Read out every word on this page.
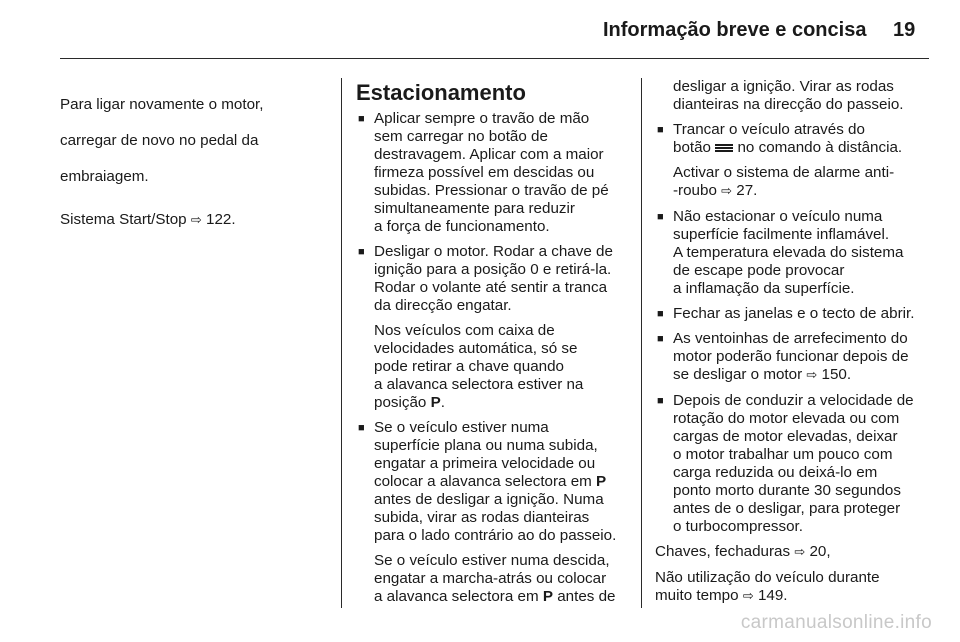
Informação breve e concisa 19

Para ligar novamente o motor,

carregar de novo no pedal da

embraiagem.

Sistema Start/Stop ⇨ 122.

Estacionamento
■ Aplicar sempre o travão de mão
sem carregar no botão de
destravagem. Aplicar com a maior
firmeza possível em descidas ou
subidas. Pressionar o travão de pé
simultaneamente para reduzir
a força de funcionamento.
■ Desligar o motor. Rodar a chave de
ignição para a posição 0 e retirá-la.
Rodar o volante até sentir a tranca
da direcção engatar.
Nos veículos com caixa de
velocidades automática, só se
pode retirar a chave quando
a alavanca selectora estiver na
posição P.
■ Se o veículo estiver numa
superfície plana ou numa subida,
engatar a primeira velocidade ou
colocar a alavanca selectora em P
antes de desligar a ignição. Numa
subida, virar as rodas dianteiras
para o lado contrário ao do passeio.
Se o veículo estiver numa descida,
engatar a marcha-atrás ou colocar
a alavanca selectora em P antes de
desligar a ignição. Virar as rodas
dianteiras na direcção do passeio.
■ Trancar o veículo através do
botão no comando à distância.
Activar o sistema de alarme anti-
-roubo ⇨ 27.
■ Não estacionar o veículo numa
superfície facilmente inflamável.
A temperatura elevada do sistema
de escape pode provocar
a inflamação da superfície.
■ Fechar as janelas e o tecto de abrir.
■ As ventoinhas de arrefecimento do
motor poderão funcionar depois de
se desligar o motor ⇨ 150.
■ Depois de conduzir a velocidade de
rotação do motor elevada ou com
cargas de motor elevadas, deixar
o motor trabalhar um pouco com
carga reduzida ou deixá-lo em
ponto morto durante 30 segundos
antes de o desligar, para proteger
o turbocompressor.

Chaves, fechaduras ⇨ 20,

Não utilização do veículo durante
muito tempo ⇨ 149.

carmanualsonline.info
